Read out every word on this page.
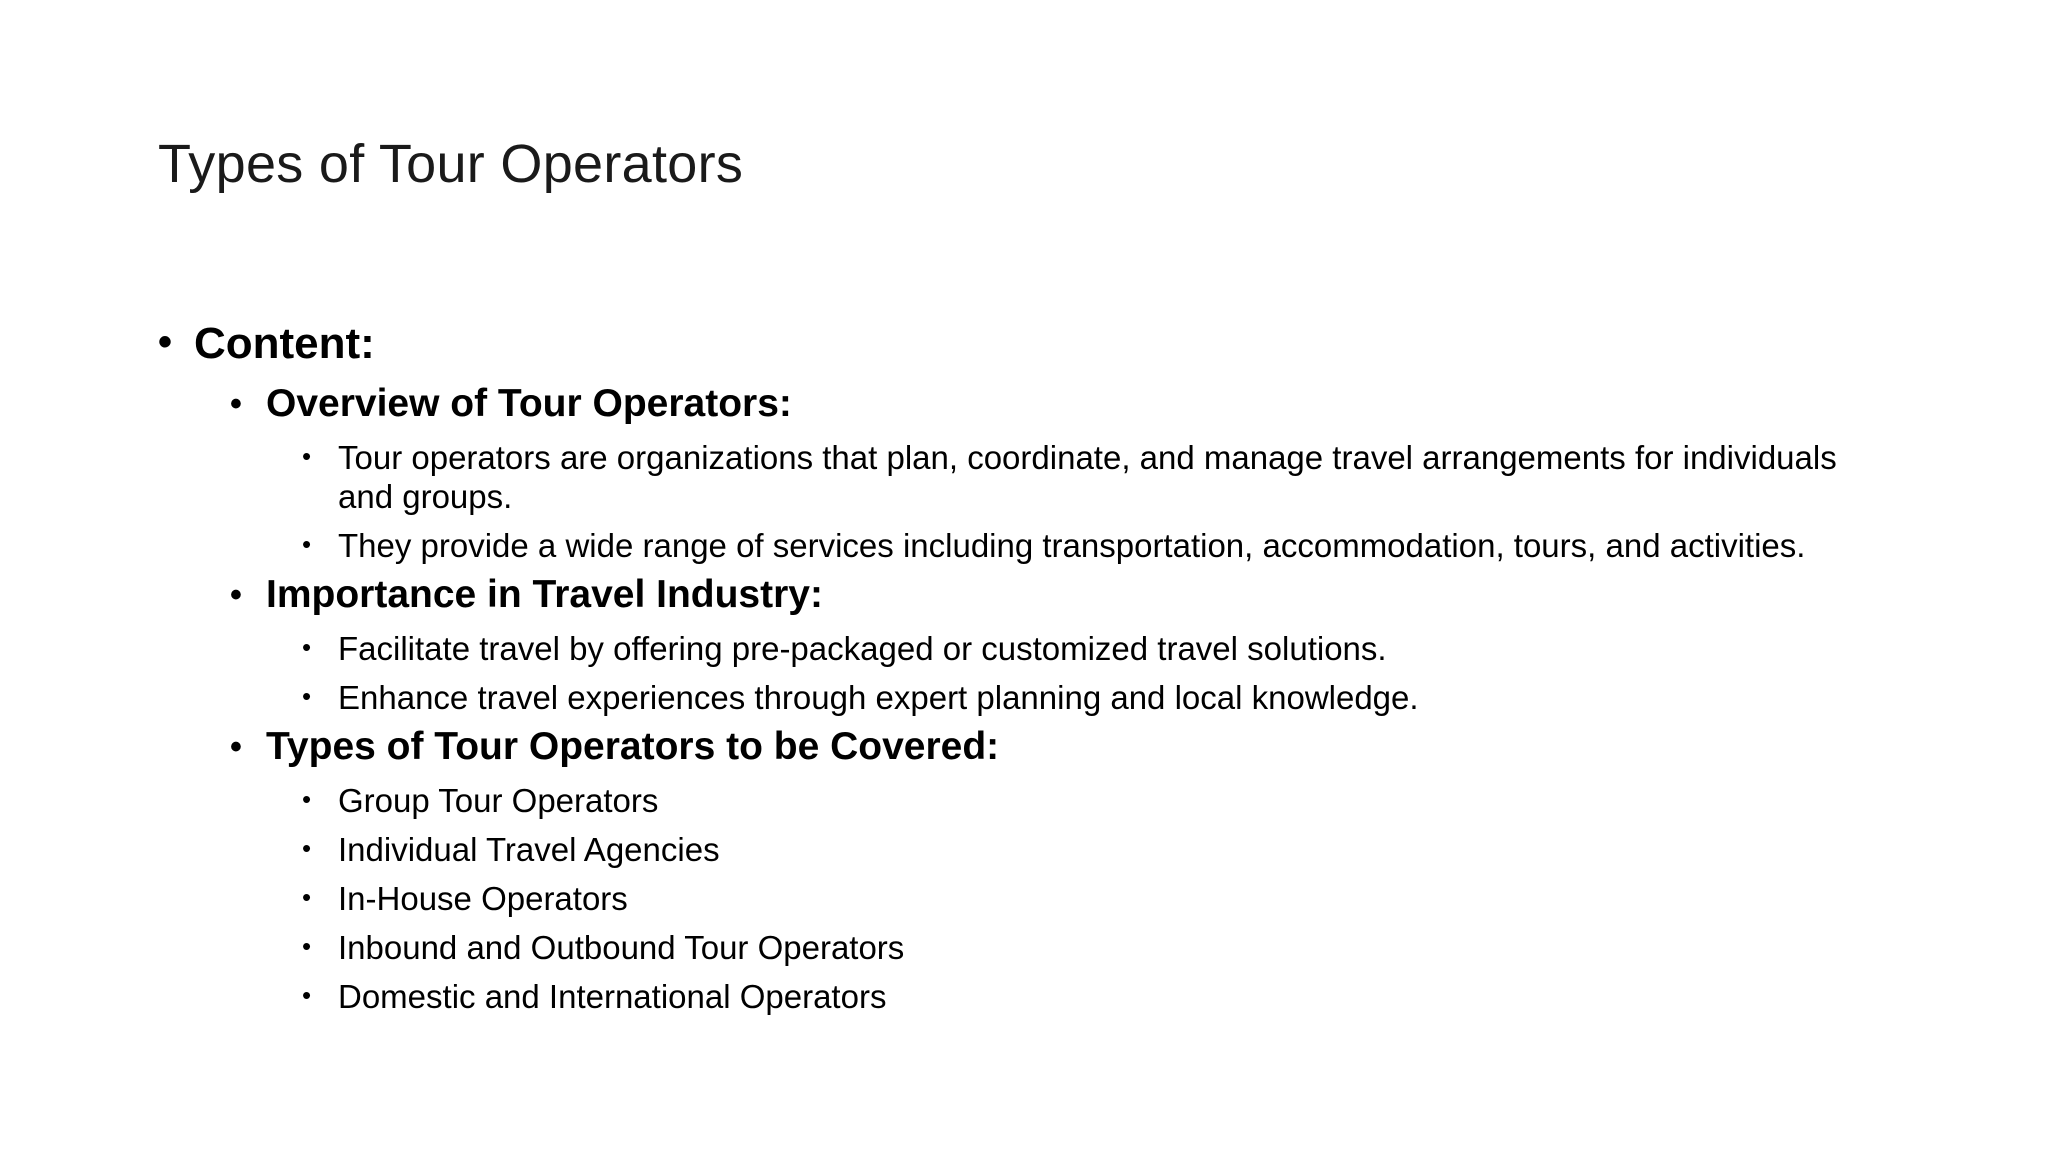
Types of Tour Operators
• Content:
• Overview of Tour Operators:
• Tour operators are organizations that plan, coordinate, and manage travel arrangements for individuals and groups.
• They provide a wide range of services including transportation, accommodation, tours, and activities.
• Importance in Travel Industry:
• Facilitate travel by offering pre-packaged or customized travel solutions.
• Enhance travel experiences through expert planning and local knowledge.
• Types of Tour Operators to be Covered:
• Group Tour Operators
• Individual Travel Agencies
• In-House Operators
• Inbound and Outbound Tour Operators
• Domestic and International Operators
